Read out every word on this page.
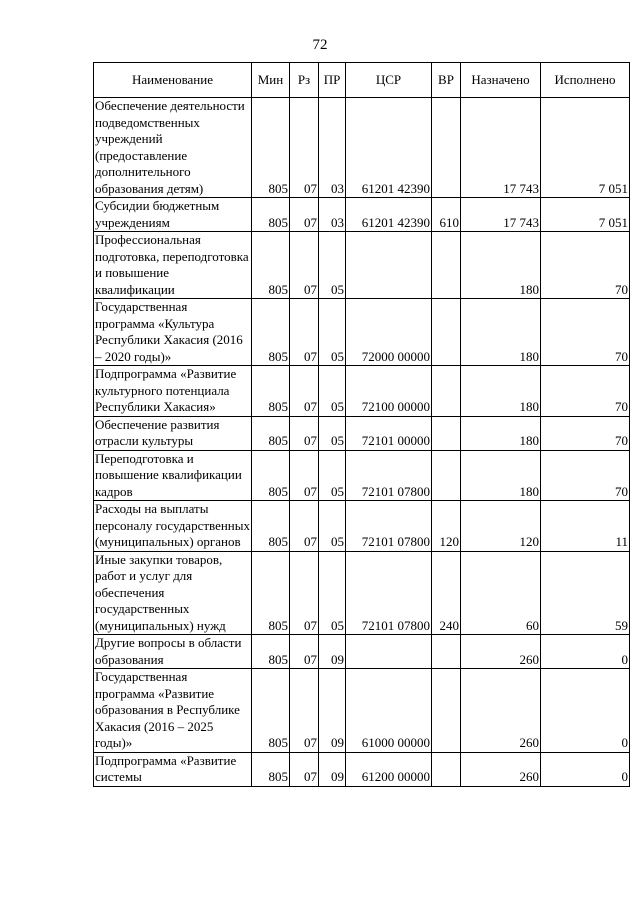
72
Наименование	Мин	Рз	ПР	ЦСР	ВР	Назначено	Исполнено
Обеспечение деятельности подведомственных учреждений (предоставление дополнительного образования детям)	805	07	03	61201 42390		17 743	7 051
Субсидии бюджетным учреждениям	805	07	03	61201 42390	610	17 743	7 051
Профессиональная подготовка, переподготовка и повышение квалификации	805	07	05			180	70
Государственная программа «Культура Республики Хакасия (2016 – 2020 годы)»	805	07	05	72000 00000		180	70
Подпрограмма «Развитие культурного потенциала Республики Хакасия»	805	07	05	72100 00000		180	70
Обеспечение развития отрасли культуры	805	07	05	72101 00000		180	70
Переподготовка и повышение квалификации кадров	805	07	05	72101 07800		180	70
Расходы на выплаты персоналу государственных (муниципальных) органов	805	07	05	72101 07800	120	120	11
Иные закупки товаров, работ и услуг для обеспечения государственных (муниципальных) нужд	805	07	05	72101 07800	240	60	59
Другие вопросы в области образования	805	07	09			260	0
Государственная программа «Развитие образования в Республике Хакасия (2016 – 2025 годы)»	805	07	09	61000 00000		260	0
Подпрограмма «Развитие системы	805	07	09	61200 00000		260	0
